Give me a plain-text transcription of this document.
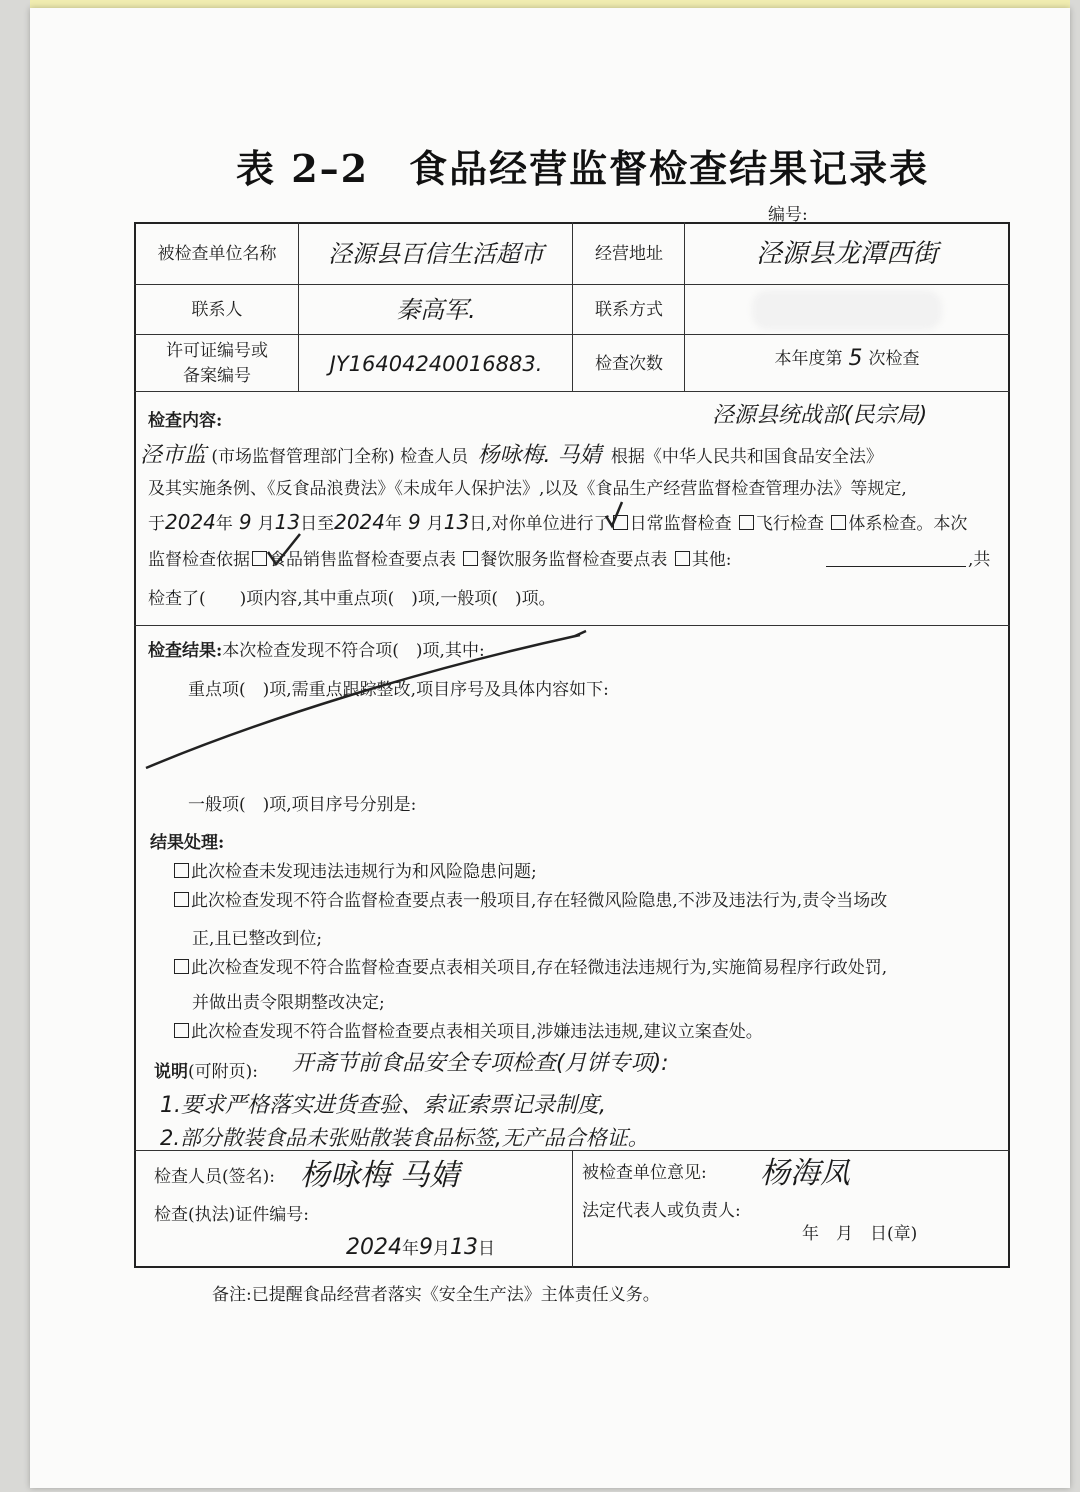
表 2–2　食品经营监督检查结果记录表
编号:
被检查单位名称	泾源县百信生活超市	经营地址	泾源县龙潭西街
联系人	秦高军.	联系方式
许可证编号或
备案编号	JY16404240016883.	检查次数	本年度第 5 次检查
检查内容:	泾源县统战部(民宗局)
泾市监 (市场监督管理部门全称) 检查人员 杨咏梅. 马婧 根据《中华人民共和国食品安全法》
及其实施条例、《反食品浪费法》《未成年人保护法》,以及《食品生产经营监督检查管理办法》等规定,
于2024年 9 月13日至2024年 9 月13日,对你单位进行了 日常监督检查 飞行检查 体系检查。本次
监督检查依据 食品销售监督检查要点表 餐饮服务监督检查要点表 其他:	,共
检查了(　　)项内容,其中重点项(　)项,一般项(　)项。
检查结果:本次检查发现不符合项(　)项,其中:
重点项(　)项,需重点跟踪整改,项目序号及具体内容如下:
一般项(　)项,项目序号分别是:
结果处理:
此次检查未发现违法违规行为和风险隐患问题;
此次检查发现不符合监督检查要点表一般项目,存在轻微风险隐患,不涉及违法行为,责令当场改
正,且已整改到位;
此次检查发现不符合监督检查要点表相关项目,存在轻微违法违规行为,实施简易程序行政处罚,
并做出责令限期整改决定;
此次检查发现不符合监督检查要点表相关项目,涉嫌违法违规,建议立案查处。
说明(可附页): 开斋节前食品安全专项检查(月饼专项):
1.要求严格落实进货查验、索证索票记录制度,
2.部分散装食品未张贴散装食品标签,无产品合格证。
检查人员(签名): 杨咏梅 马婧
检查(执法)证件编号:
2024年9月13日
被检查单位意见: 杨海凤
法定代表人或负责人:
年　月　日(章)
备注:已提醒食品经营者落实《安全生产法》主体责任义务。
